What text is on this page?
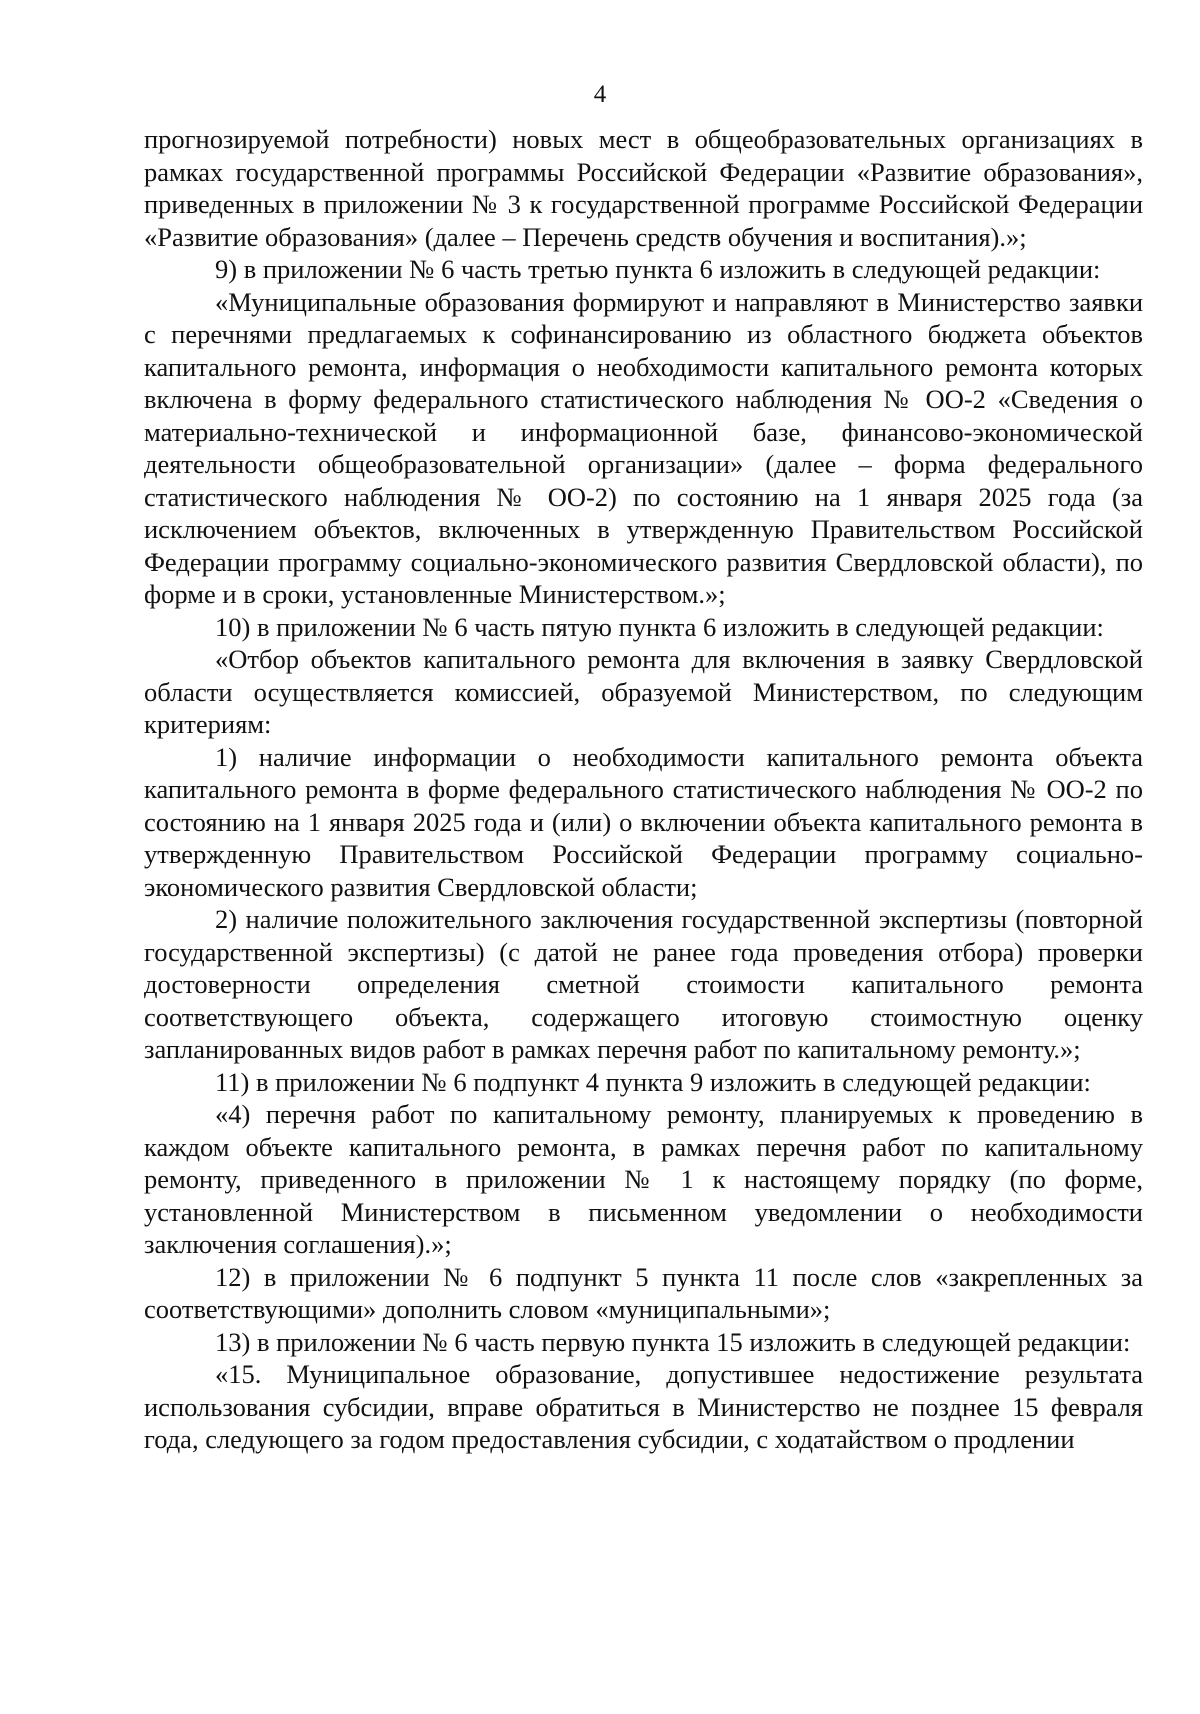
4

прогнозируемой потребности) новых мест в общеобразовательных организациях в рамках государственной программы Российской Федерации «Развитие образования», приведенных в приложении № 3 к государственной программе Российской Федерации «Развитие образования» (далее – Перечень средств обучения и воспитания).»;

9) в приложении № 6 часть третью пункта 6 изложить в следующей редакции:

«Муниципальные образования формируют и направляют в Министерство заявки с перечнями предлагаемых к софинансированию из областного бюджета объектов капитального ремонта, информация о необходимости капитального ремонта которых включена в форму федерального статистического наблюдения № ОО-2 «Сведения о материально-технической и информационной базе, финансово-экономической деятельности общеобразовательной организации» (далее – форма федерального статистического наблюдения № ОО-2) по состоянию на 1 января 2025 года (за исключением объектов, включенных в утвержденную Правительством Российской Федерации программу социально-экономического развития Свердловской области), по форме и в сроки, установленные Министерством.»;

10) в приложении № 6 часть пятую пункта 6 изложить в следующей редакции:

«Отбор объектов капитального ремонта для включения в заявку Свердловской области осуществляется комиссией, образуемой Министерством, по следующим критериям:

1) наличие информации о необходимости капитального ремонта объекта капитального ремонта в форме федерального статистического наблюдения № ОО-2 по состоянию на 1 января 2025 года и (или) о включении объекта капитального ремонта в утвержденную Правительством Российской Федерации программу социально-экономического развития Свердловской области;

2) наличие положительного заключения государственной экспертизы (повторной государственной экспертизы) (с датой не ранее года проведения отбора) проверки достоверности определения сметной стоимости капитального ремонта соответствующего объекта, содержащего итоговую стоимостную оценку запланированных видов работ в рамках перечня работ по капитальному ремонту.»;

11) в приложении № 6 подпункт 4 пункта 9 изложить в следующей редакции:

«4) перечня работ по капитальному ремонту, планируемых к проведению в каждом объекте капитального ремонта, в рамках перечня работ по капитальному ремонту, приведенного в приложении № 1 к настоящему порядку (по форме, установленной Министерством в письменном уведомлении о необходимости заключения соглашения).»;

12) в приложении № 6 подпункт 5 пункта 11 после слов «закрепленных за соответствующими» дополнить словом «муниципальными»;

13) в приложении № 6 часть первую пункта 15 изложить в следующей редакции:

«15. Муниципальное образование, допустившее недостижение результата использования субсидии, вправе обратиться в Министерство не позднее 15 февраля года, следующего за годом предоставления субсидии, с ходатайством о продлении
